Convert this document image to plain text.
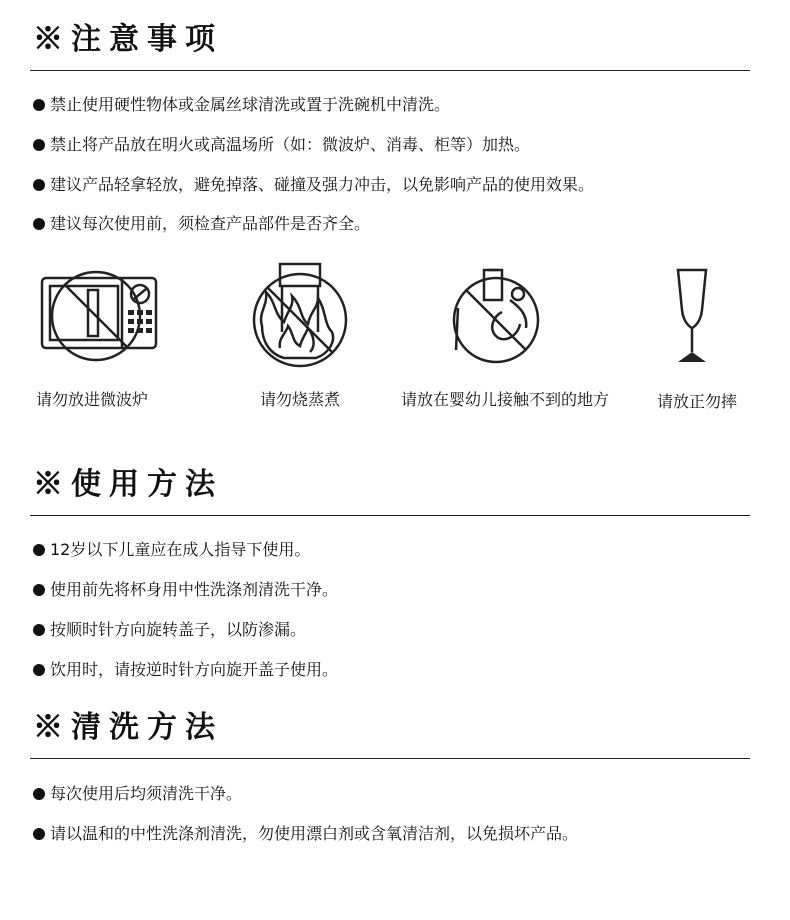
※注意事项
禁止使用硬性物体或金属丝球清洗或置于洗碗机中清洗。
禁止将产品放在明火或高温场所（如：微波炉、消毒、柜等）加热。
建议产品轻拿轻放，避免掉落、碰撞及强力冲击，以免影响产品的使用效果。
建议每次使用前，须检查产品部件是否齐全。
请勿放进微波炉	请勿烧蒸煮	请放在婴幼儿接触不到的地方	请放正勿摔
※使用方法
12岁以下儿童应在成人指导下使用。
使用前先将杯身用中性洗涤剂清洗干净。
按顺时针方向旋转盖子，以防渗漏。
饮用时，请按逆时针方向旋开盖子使用。
※清洗方法
每次使用后均须清洗干净。
请以温和的中性洗涤剂清洗，勿使用漂白剂或含氧清洁剂，以免损坏产品。
